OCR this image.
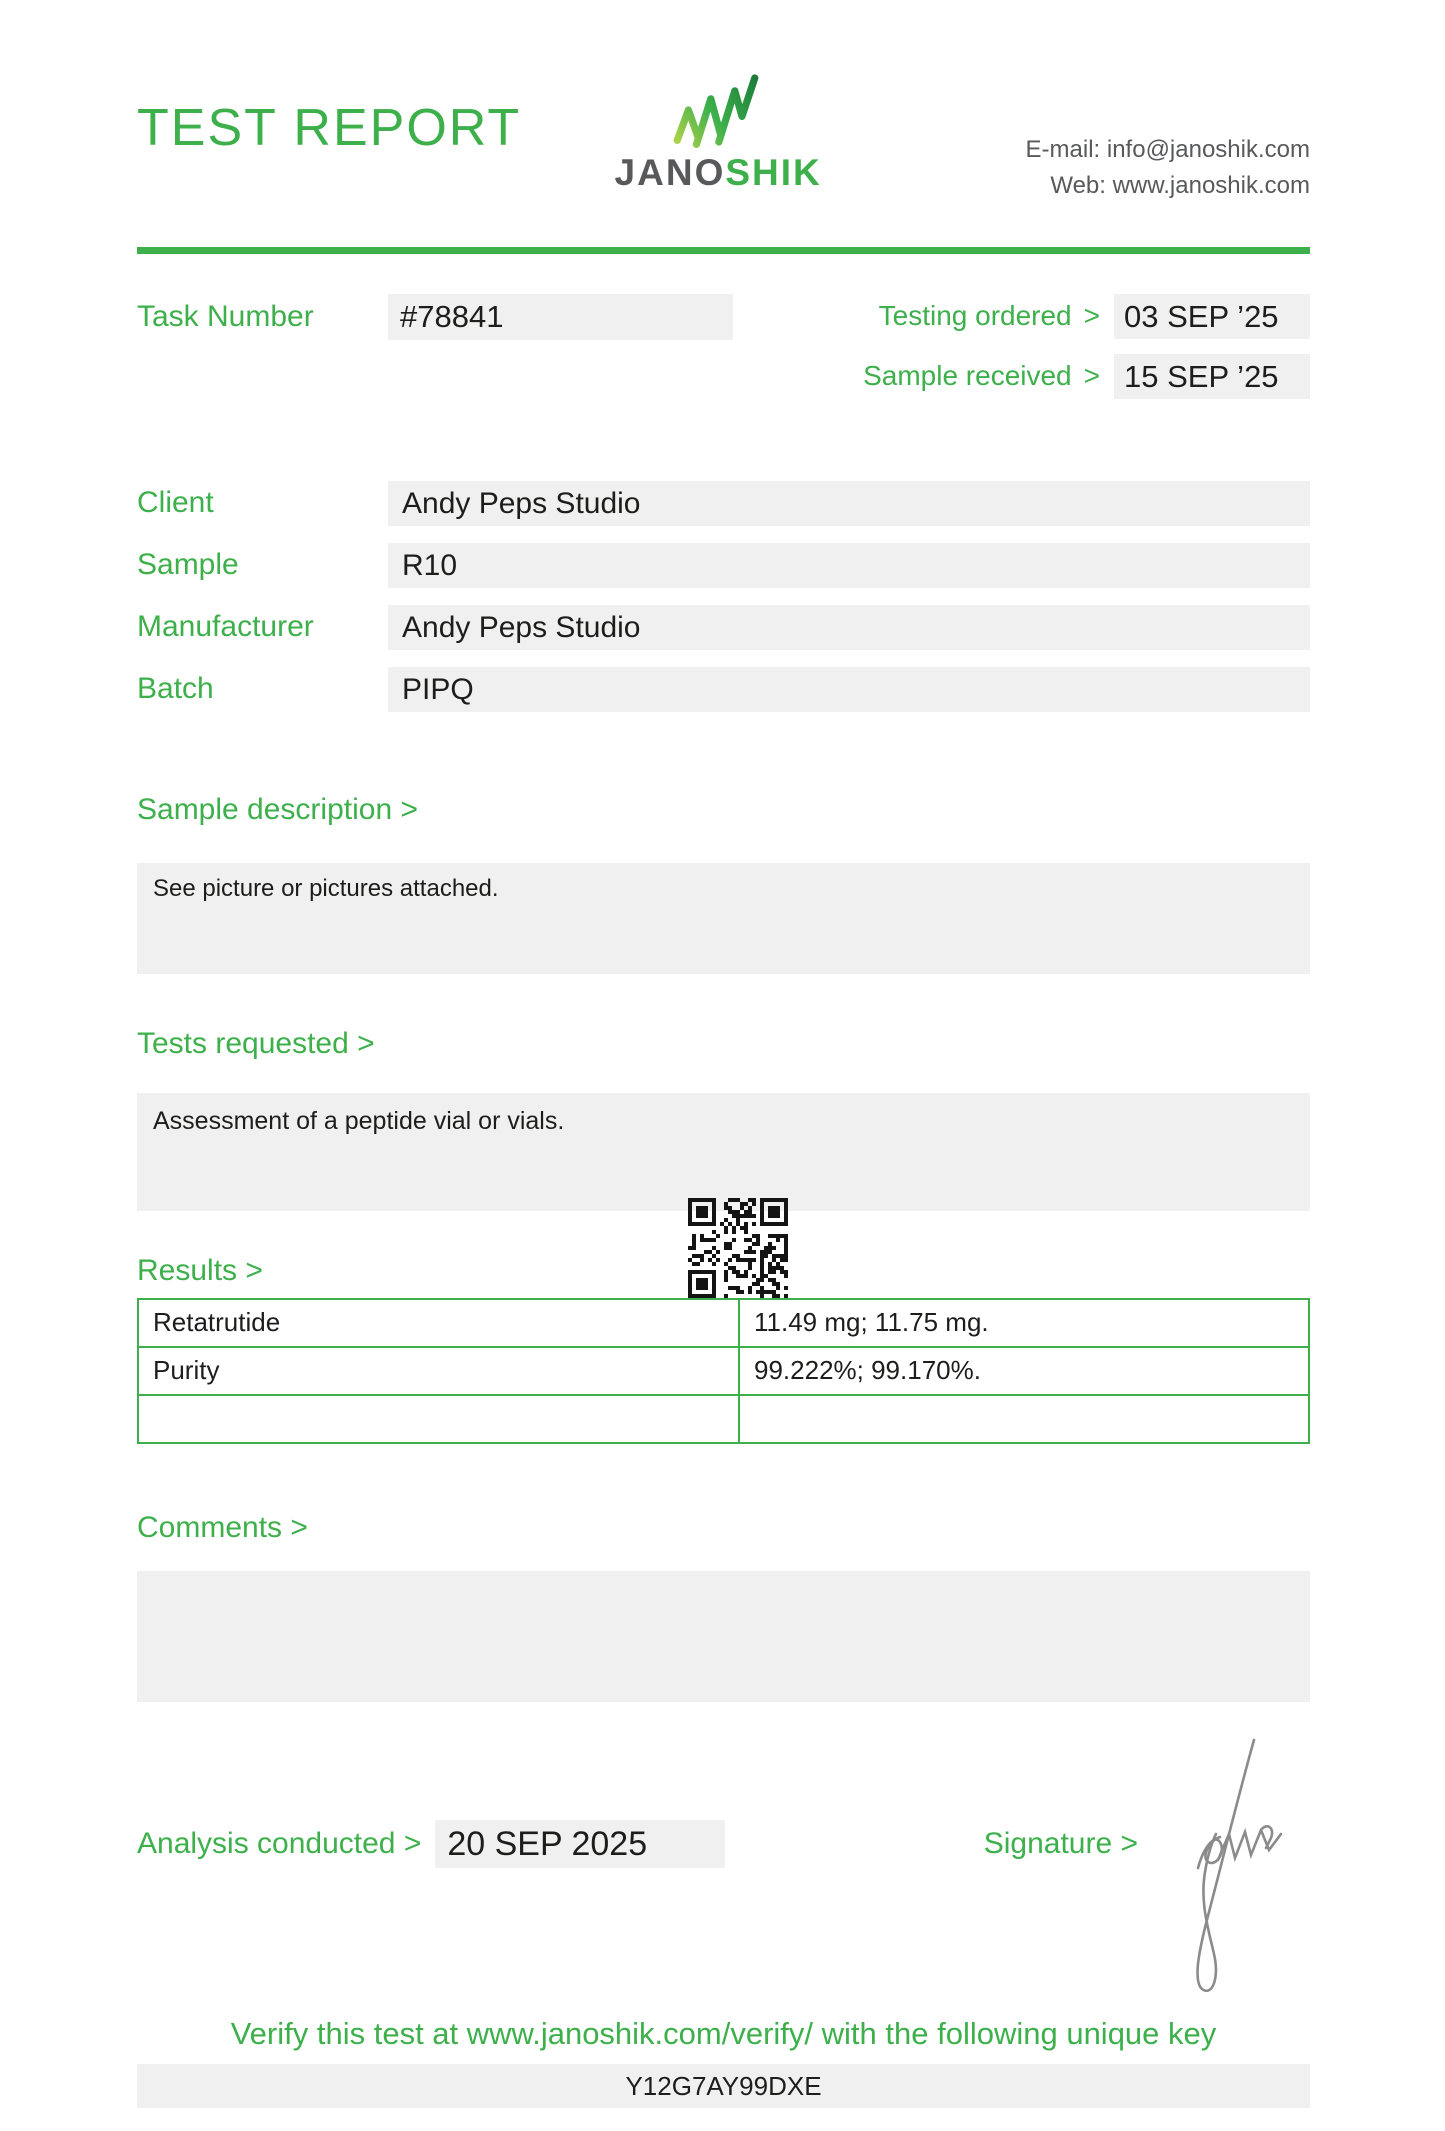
TEST REPORT
JANOSHIK
E-mail: info@janoshik.com
Web: www.janoshik.com
Task Number	#78841	Testing ordered > 03 SEP ’25
Sample received > 15 SEP ’25
Client	Andy Peps Studio
Sample	R10
Manufacturer	Andy Peps Studio
Batch	PIPQ
Sample description >
See picture or pictures attached.
Tests requested >
Assessment of a peptide vial or vials.
Results >
Retatrutide	11.49 mg; 11.75 mg.
Purity	99.222%; 99.170%.

Comments >
Analysis conducted > 20 SEP 2025	Signature >
Verify this test at www.janoshik.com/verify/ with the following unique key
Y12G7AY99DXE
